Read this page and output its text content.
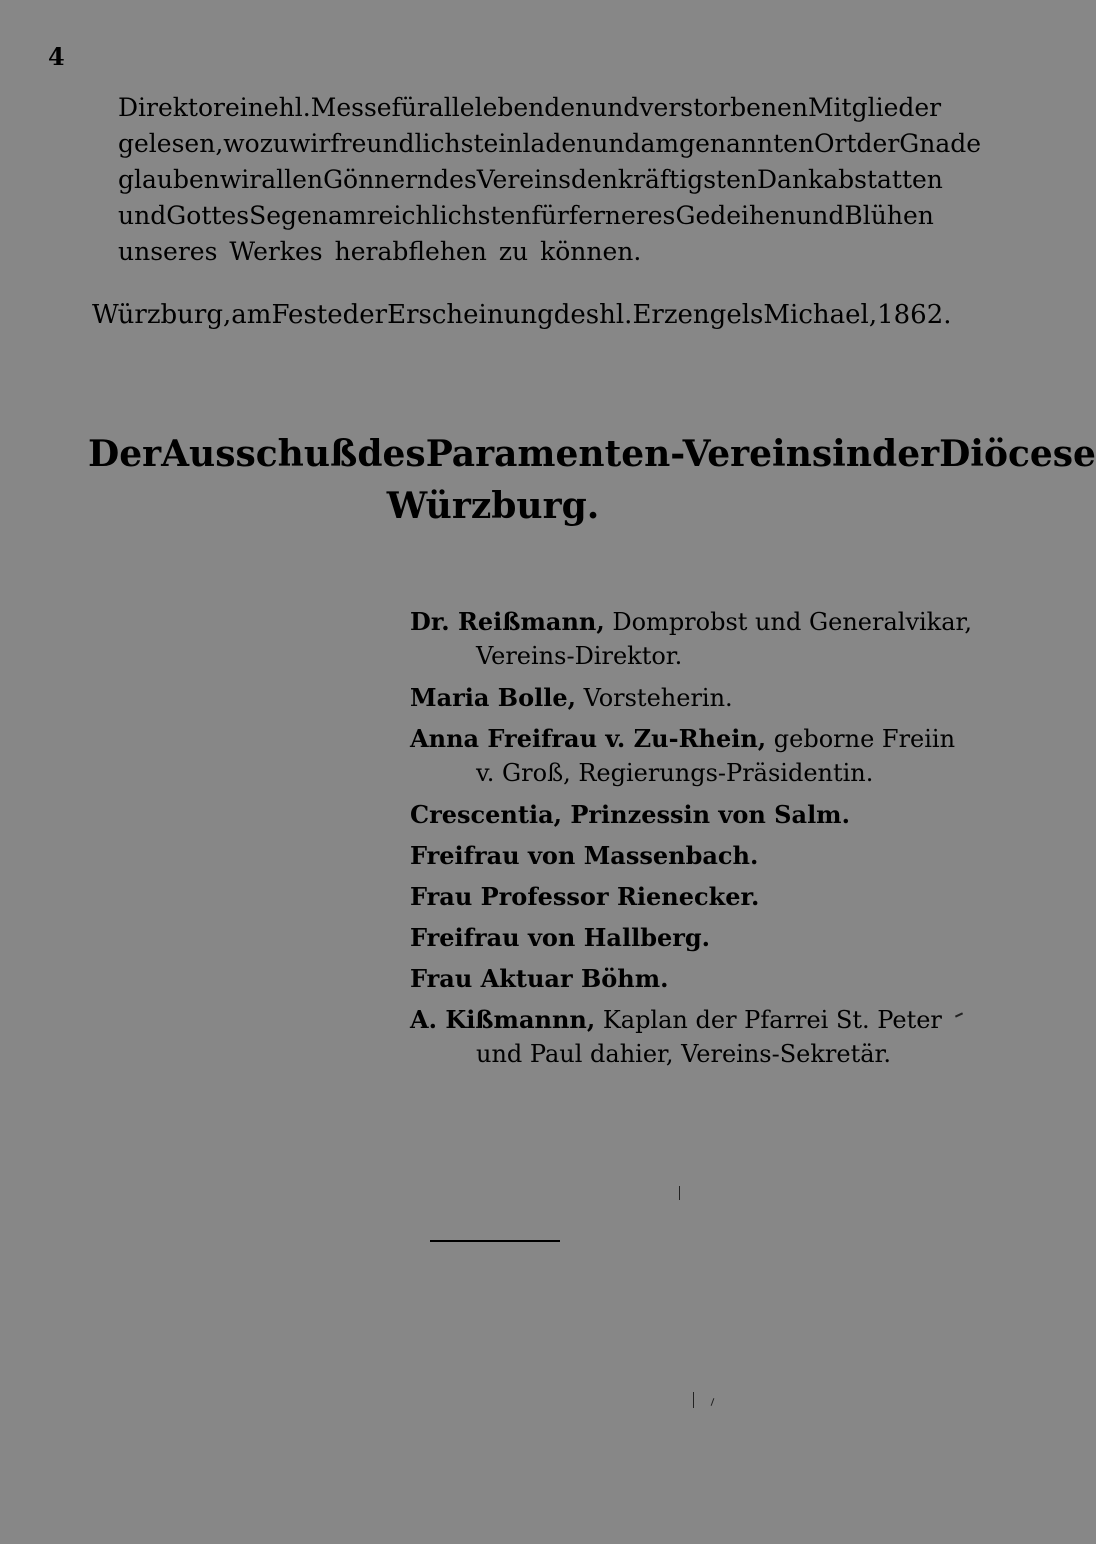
4
Direktor eine hl. Messe für alle lebenden und verstorbenen Mitglieder
gelesen, wozu wir freundlichst einladen und am genannten Ort der Gnade
glauben wir allen Gönnern des Vereins den kräftigsten Dank abstatten
und Gottes Segen am reichlichsten für ferneres Gedeihen und Blühen
unseres Werkes herabflehen zu können.
Würzburg, am Feste der Erscheinung des hl. Erzengels Michael, 1862.
Der Ausschuß des Paramenten-Vereins in der Diöcese
Würzburg.
Dr. Reißmann, Domprobst und Generalvikar,
Vereins-Direktor.
Maria Bolle, Vorsteherin.
Anna Freifrau v. Zu-Rhein, geborne Freiin
v. Groß, Regierungs-Präsidentin.
Crescentia, Prinzessin von Salm.
Freifrau von Massenbach.
Frau Professor Rienecker.
Freifrau von Hallberg.
Frau Aktuar Böhm.
A. Kißmannn, Kaplan der Pfarrei St. Peter
und Paul dahier, Vereins-Sekretär.
